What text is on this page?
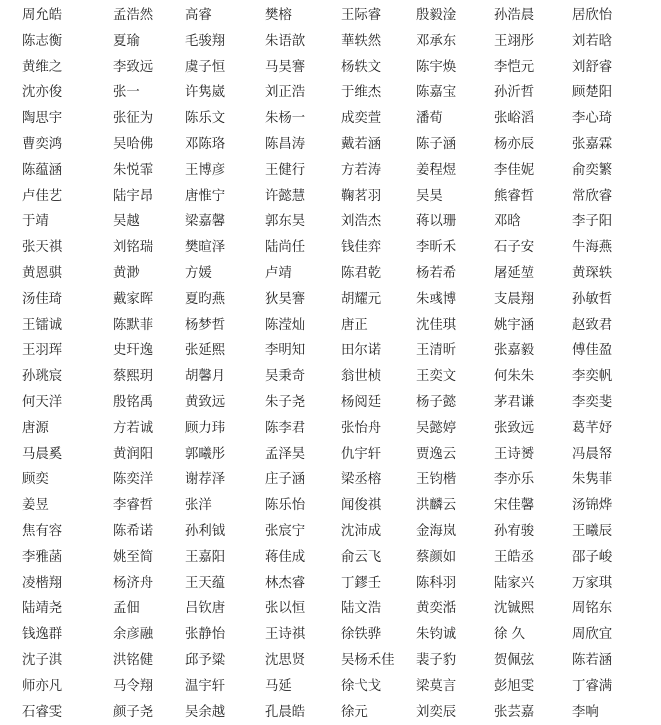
周允皓	孟浩然	高睿	樊榕	王际睿	殷毅淦	孙浩晨	居欣怡
陈志衡	夏瑜	毛骏翔	朱语歆	華轶然	邓承东	王翊彤	刘若晗
黄维之	李致远	虞子恒	马昊謇	杨轶文	陈宇焕	李恺元	刘舒睿
沈亦俊	张一	许隽崴	刘正浩	于维杰	陈嘉宝	孙沂哲	顾楚阳
陶思宇	张征为	陈乐文	朱杨一	成奕萱	潘荀	张峪滔	李心琦
曹奕鸿	吴哈佛	邓陈珞	陈昌涛	戴若涵	陈子涵	杨亦辰	张嘉霖
陈蕴涵	朱悦霏	王博彦	王健行	方若涛	姜程煜	李佳妮	俞奕繁
卢佳艺	陆宇昂	唐惟宁	许懿慧	鞠茗羽	吴昊	熊睿哲	常欣睿
于靖	吴越	梁嘉馨	郭东昊	刘浩杰	蒋以珊	邓晗	李子阳
张天祺	刘铭瑞	樊暄泽	陆尚任	钱佳弈	李昕禾	石子安	牛海燕
黄恩骐	黄渺	方媛	卢靖	陈君乾	杨若希	屠延堃	黄琛轶
汤佳琦	戴家晖	夏昀燕	狄昊謇	胡耀元	朱彧博	支晨翔	孙敏哲
王镭诚	陈默菲	杨梦哲	陈滢灿	唐正	沈佳琪	姚宇涵	赵致君
王羽珲	史玕逸	张延熙	李明知	田尔诺	王清昕	张嘉毅	傅佳盈
孙珧宸	蔡熙玥	胡馨月	吴秉奇	翁世桢	王奕文	何朱朱	李奕帆
何天洋	殷铭禹	黄致远	朱子尧	杨阅廷	杨子懿	茅君谦	李奕斐
唐源	方若诚	顾力玮	陈李君	张怡舟	吴懿婷	张致远	葛芊妤
马晨奚	黄润阳	郭曦彤	孟泽昊	仇宇轩	贾逸云	王诗赟	冯晨帑
顾奕	陈奕洋	谢荐泽	庄子涵	梁丞榕	王钧楷	李亦乐	朱隽菲
姜昱	李睿哲	张洋	陈乐怡	闻俊祺	洪麟云	宋佳馨	汤锦烨
焦有容	陈希诺	孙利钺	张宸宁	沈沛成	金海岚	孙宥骏	王曦辰
李雅菡	姚至简	王嘉阳	蒋佳成	俞云飞	蔡颜如	王皓丞	邵子峻
凌楷翔	杨济舟	王天蕴	林杰睿	丁鏐壬	陈科羽	陆家兴	万家琪
陆靖尧	孟佃	吕钦唐	张以恒	陆文浩	黄奕湉	沈铖熙	周铭东
钱逸群	余彦融	张静怡	王诗祺	徐铁骅	朱钧诚	徐 久	周欣宜
沈子淇	洪铭健	邱予粱	沈思贤	吴杨禾佳	裴子豹	贺佩弦	陈若涵
师亦凡	马令翔	温宇轩	马延	徐弋戈	梁莫言	彭旭雯	丁睿满
石睿雯	颜子尧	吴余越	孔晨皓	徐元	刘奕辰	张芸嘉	李响
